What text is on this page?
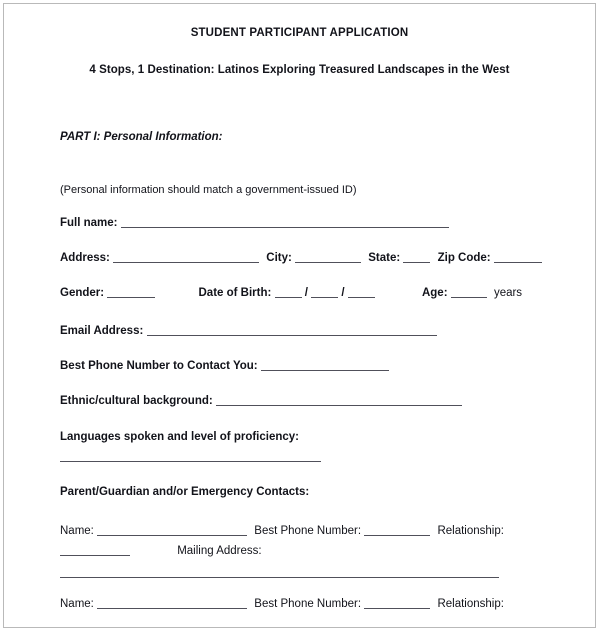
STUDENT PARTICIPANT APPLICATION
4 Stops, 1 Destination: Latinos Exploring Treasured Landscapes in the West
PART I: Personal Information:
(Personal information should match a government-issued ID)
Full name:
Address:	City:	State:	Zip Code:
Gender:	Date of Birth:	/	/	Age:	years
Email Address:
Best Phone Number to Contact You:
Ethnic/cultural background:
Languages spoken and level of proficiency:
Parent/Guardian and/or Emergency Contacts:
Name:	Best Phone Number:	Relationship:
Mailing Address:
Name:	Best Phone Number:	Relationship:
